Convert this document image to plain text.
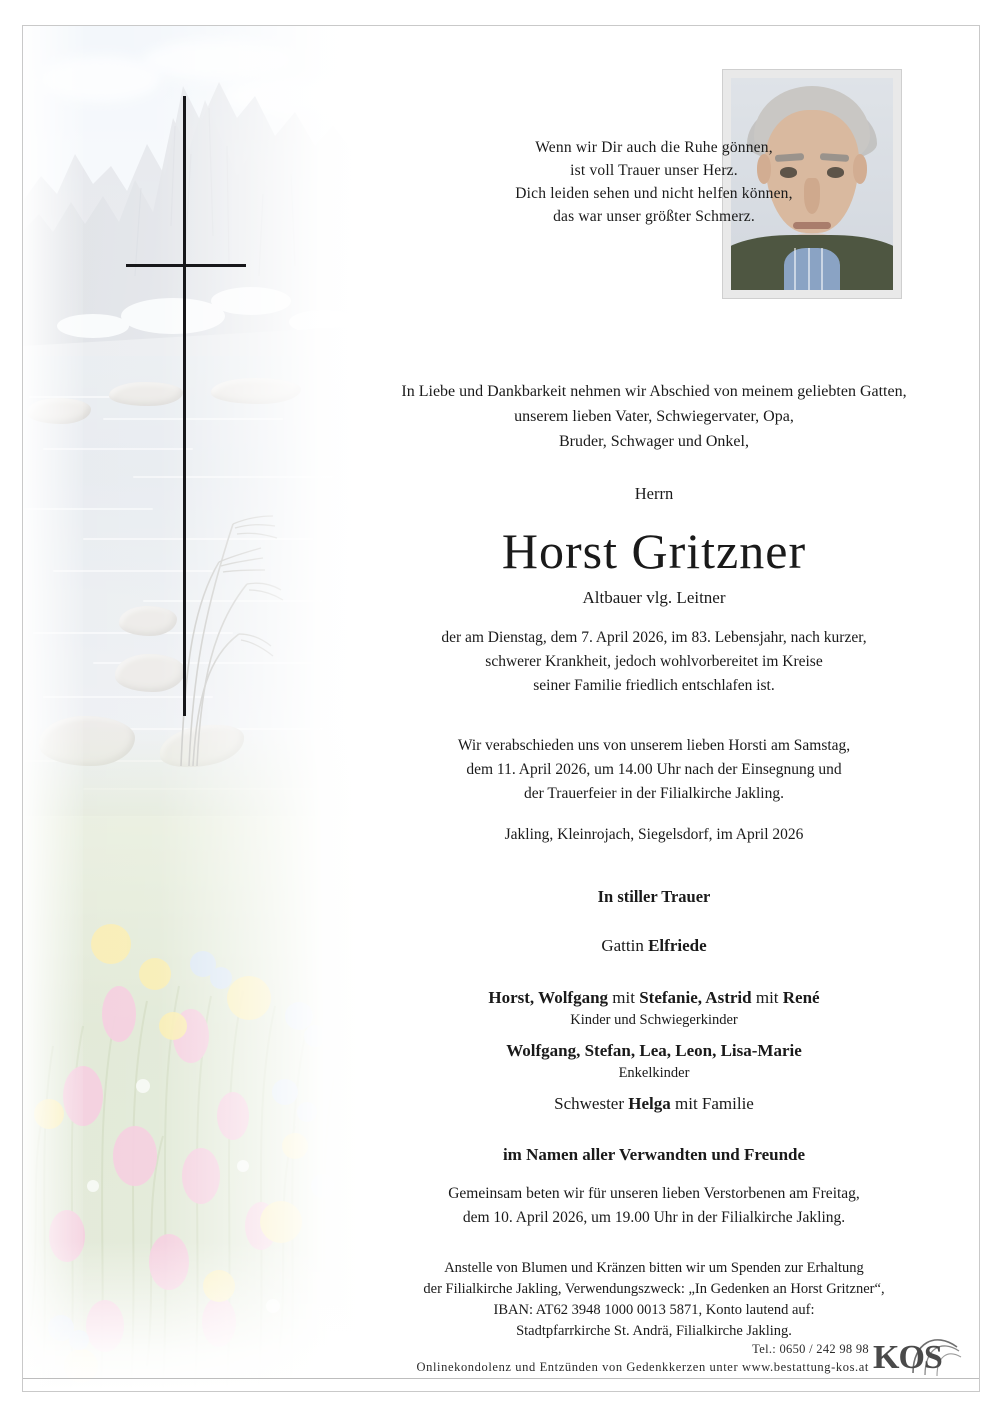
Wenn wir Dir auch die Ruhe gönnen,
ist voll Trauer unser Herz.
Dich leiden sehen und nicht helfen können,
das war unser größter Schmerz.
In Liebe und Dankbarkeit nehmen wir Abschied von meinem geliebten Gatten,
unserem lieben Vater, Schwiegervater, Opa,
Bruder, Schwager und Onkel,
Herrn
Horst Gritzner
Altbauer vlg. Leitner
der am Dienstag, dem 7. April 2026, im 83. Lebensjahr, nach kurzer,
schwerer Krankheit, jedoch wohlvorbereitet im Kreise
seiner Familie friedlich entschlafen ist.
Wir verabschieden uns von unserem lieben Horsti am Samstag,
dem 11. April 2026, um 14.00 Uhr nach der Einsegnung und
der Trauerfeier in der Filialkirche Jakling.
Jakling, Kleinrojach, Siegelsdorf, im April 2026
In stiller Trauer
Gattin Elfriede
Horst, Wolfgang mit Stefanie, Astrid mit René
Kinder und Schwiegerkinder
Wolfgang, Stefan, Lea, Leon, Lisa-Marie
Enkelkinder
Schwester Helga mit Familie
im Namen aller Verwandten und Freunde
Gemeinsam beten wir für unseren lieben Verstorbenen am Freitag,
dem 10. April 2026, um 19.00 Uhr in der Filialkirche Jakling.
Anstelle von Blumen und Kränzen bitten wir um Spenden zur Erhaltung
der Filialkirche Jakling, Verwendungszweck: „In Gedenken an Horst Gritzner“,
IBAN: AT62 3948 1000 0013 5871, Konto lautend auf:
Stadtpfarrkirche St. Andrä, Filialkirche Jakling.
Tel.: 0650 / 242 98 98
Onlinekondolenz und Entzünden von Gedenkkerzen unter www.bestattung-kos.at KOS
